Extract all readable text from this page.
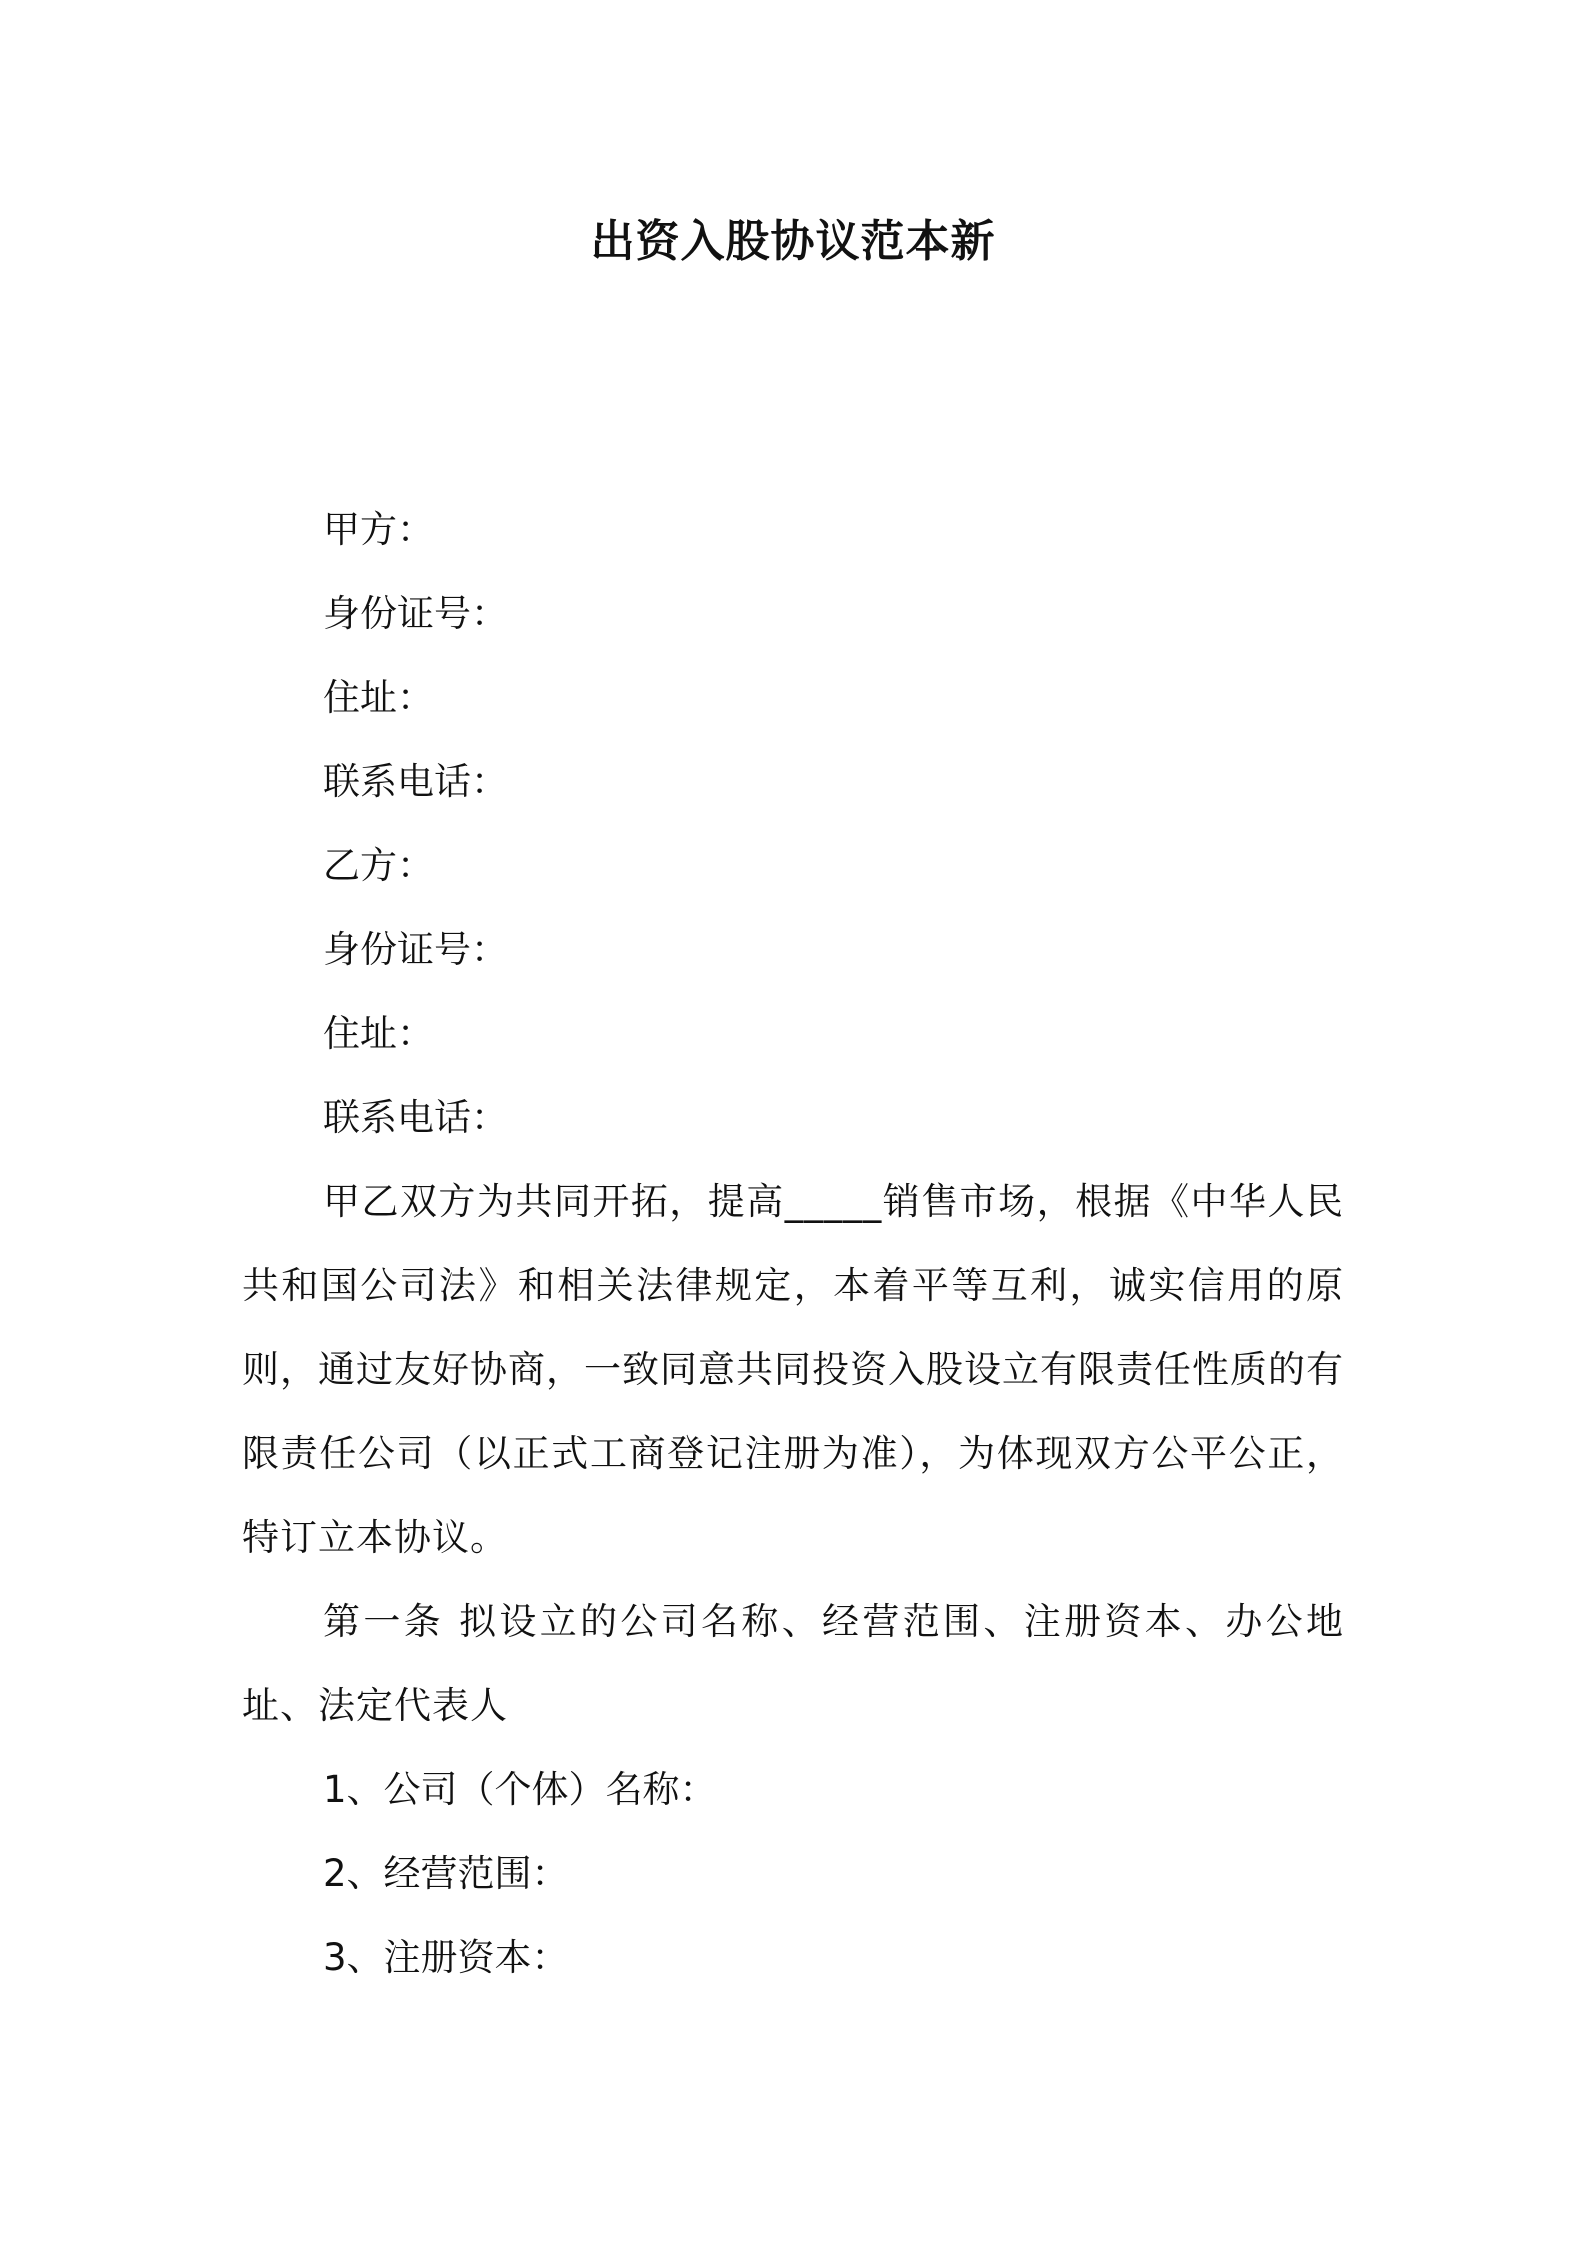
出资入股协议范本新

甲方：

身份证号：

住址：

联系电话：

乙方：

身份证号：

住址：

联系电话：

甲乙双方为共同开拓，提高_____销售市场，根据《中华人民共和国公司法》和相关法律规定，本着平等互利，诚实信用的原则，通过友好协商，一致同意共同投资入股设立有限责任性质的有限责任公司（以正式工商登记注册为准），为体现双方公平公正，特订立本协议。

第一条 拟设立的公司名称、经营范围、注册资本、办公地址、法定代表人

1、公司（个体）名称：

2、经营范围：

3、注册资本：
